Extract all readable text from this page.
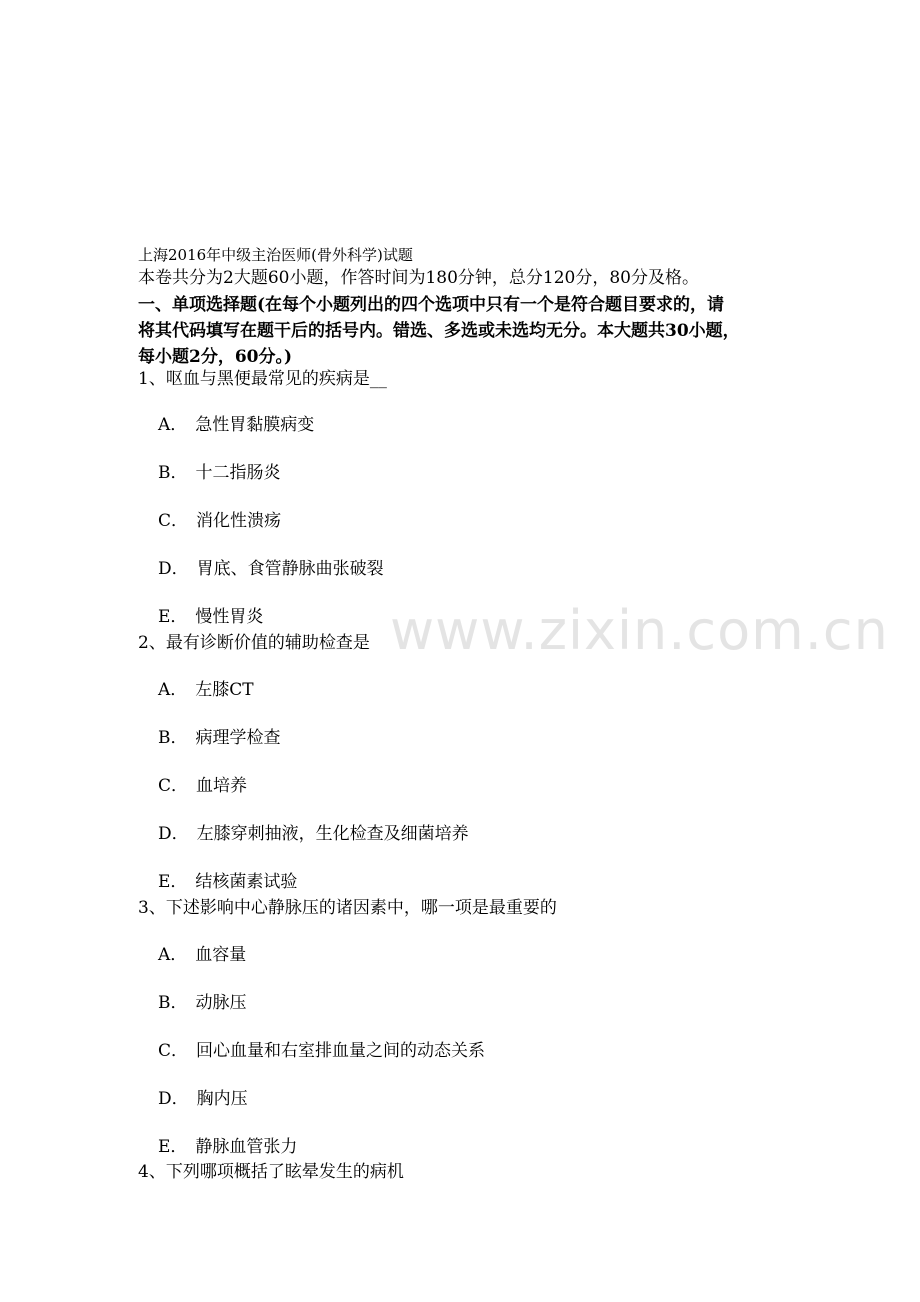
上海2016年中级主治医师(骨外科学)试题
本卷共分为2大题60小题，作答时间为180分钟，总分120分，80分及格。
一、单项选择题(在每个小题列出的四个选项中只有一个是符合题目要求的，请
将其代码填写在题干后的括号内。错选、多选或未选均无分。本大题共30小题，
每小题2分，60分。)
1、呕血与黑便最常见的疾病是__
A． 急性胃黏膜病变
B． 十二指肠炎
C． 消化性溃疡
D． 胃底、食管静脉曲张破裂
E． 慢性胃炎
2、最有诊断价值的辅助检查是
A． 左膝CT
B． 病理学检查
C． 血培养
D． 左膝穿刺抽液，生化检查及细菌培养
E． 结核菌素试验
3、下述影响中心静脉压的诸因素中，哪一项是最重要的
A． 血容量
B． 动脉压
C． 回心血量和右室排血量之间的动态关系
D． 胸内压
E． 静脉血管张力
4、下列哪项概括了眩晕发生的病机
www.zixin.com.cn
